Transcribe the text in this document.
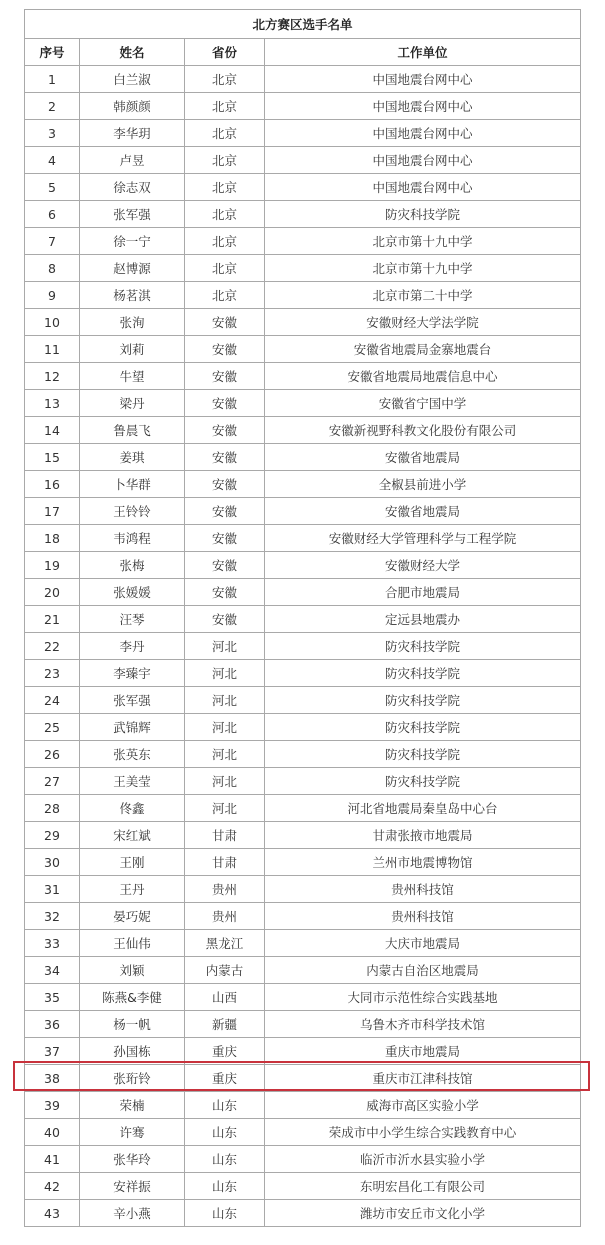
北方赛区选手名单			
序号	姓名	省份	工作单位
1	白兰淑	北京	中国地震台网中心
2	韩颜颜	北京	中国地震台网中心
3	李华玥	北京	中国地震台网中心
4	卢昱	北京	中国地震台网中心
5	徐志双	北京	中国地震台网中心
6	张军强	北京	防灾科技学院
7	徐一宁	北京	北京市第十九中学
8	赵博源	北京	北京市第十九中学
9	杨茗淇	北京	北京市第二十中学
10	张洵	安徽	安徽财经大学法学院
11	刘莉	安徽	安徽省地震局金寨地震台
12	牛望	安徽	安徽省地震局地震信息中心
13	梁丹	安徽	安徽省宁国中学
14	鲁晨飞	安徽	安徽新视野科教文化股份有限公司
15	姜琪	安徽	安徽省地震局
16	卜华群	安徽	全椒县前进小学
17	王铃铃	安徽	安徽省地震局
18	韦鸿程	安徽	安徽财经大学管理科学与工程学院
19	张梅	安徽	安徽财经大学
20	张媛媛	安徽	合肥市地震局
21	汪琴	安徽	定远县地震办
22	李丹	河北	防灾科技学院
23	李臻宇	河北	防灾科技学院
24	张军强	河北	防灾科技学院
25	武锦辉	河北	防灾科技学院
26	张英东	河北	防灾科技学院
27	王美莹	河北	防灾科技学院
28	佟鑫	河北	河北省地震局秦皇岛中心台
29	宋红斌	甘肃	甘肃张掖市地震局
30	王刚	甘肃	兰州市地震博物馆
31	王丹	贵州	贵州科技馆
32	晏巧妮	贵州	贵州科技馆
33	王仙伟	黑龙江	大庆市地震局
34	刘颖	内蒙古	内蒙古自治区地震局
35	陈燕&李健	山西	大同市示范性综合实践基地
36	杨一帆	新疆	乌鲁木齐市科学技术馆
37	孙国栋	重庆	重庆市地震局
38	张珩铃	重庆	重庆市江津科技馆
39	荣楠	山东	威海市高区实验小学
40	许骞	山东	荣成市中小学生综合实践教育中心
41	张华玲	山东	临沂市沂水县实验小学
42	安祥振	山东	东明宏昌化工有限公司
43	辛小燕	山东	潍坊市安丘市文化小学
